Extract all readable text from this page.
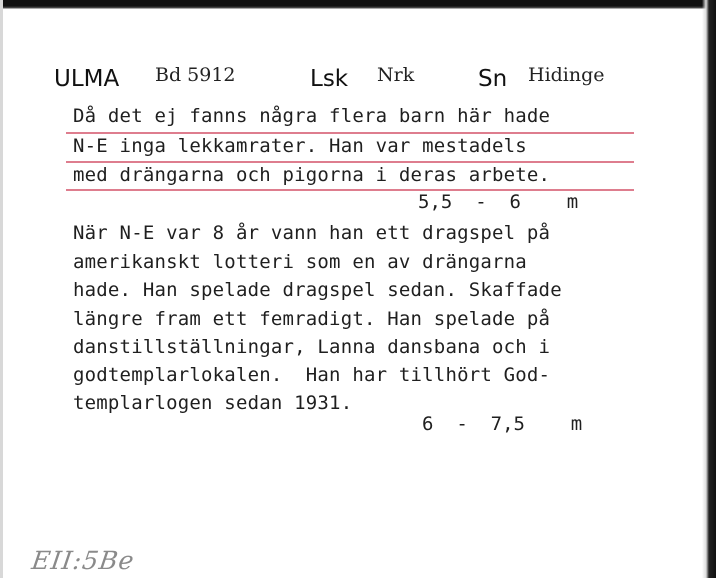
ULMA Bd 5912	Lsk Nrk	Sn Hidinge
Då det ej fanns några flera barn här hade
N-E inga lekkamrater. Han var mestadels
med drängarna och pigorna i deras arbete.
5,5  -  6    m
När N-E var 8 år vann han ett dragspel på
amerikanskt lotteri som en av drängarna
hade. Han spelade dragspel sedan. Skaffade
längre fram ett femradigt. Han spelade på
danstillställningar, Lanna dansbana och i
godtemplarlokalen.  Han har tillhört God-
templarlogen sedan 1931.
6  -  7,5    m
EII:5Be
